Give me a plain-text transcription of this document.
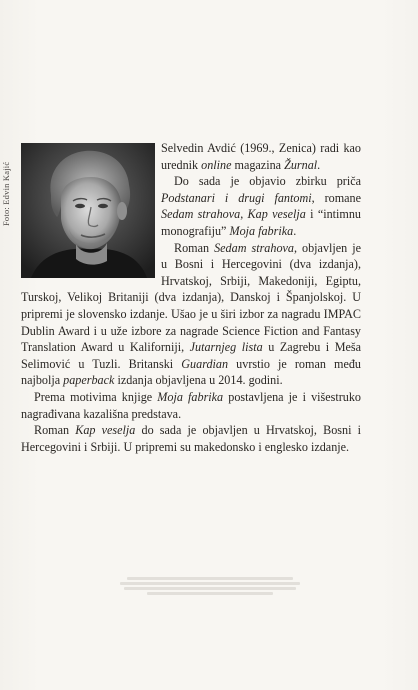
Foto: Edvin Kajić

Selvedin Avdić (1969., Zenica) radi kao urednik online magazina Žurnal.

Do sada je objavio zbirku priča Podstanari i drugi fantomi, romane Sedam strahova, Kap veselja i “intimnu monografiju” Moja fabrika.

Roman Sedam strahova, objavljen je u Bosni i Hercegovini (dva izdanja), Hrvatskoj, Srbiji, Makedoniji, Egiptu, Turskoj, Velikoj Britaniji (dva izdanja), Danskoj i Španjolskoj. U pripremi je slovensko izdanje. Ušao je u širi izbor za nagradu IMPAC Dublin Award i u uže izbore za nagrade Science Fiction and Fantasy Translation Award u Kaliforniji, Jutarnjeg lista u Zagrebu i Meša Selimović u Tuzli. Britanski Guardian uvrstio je roman među najbolja paperback izdanja objavljena u 2014. godini.

Prema motivima knjige Moja fabrika postavljena je i višestruko nagrađivana kazališna predstava.

Roman Kap veselja do sada je objavljen u Hrvatskoj, Bosni i Hercegovini i Srbiji. U pripremi su makedonsko i englesko izdanje.
